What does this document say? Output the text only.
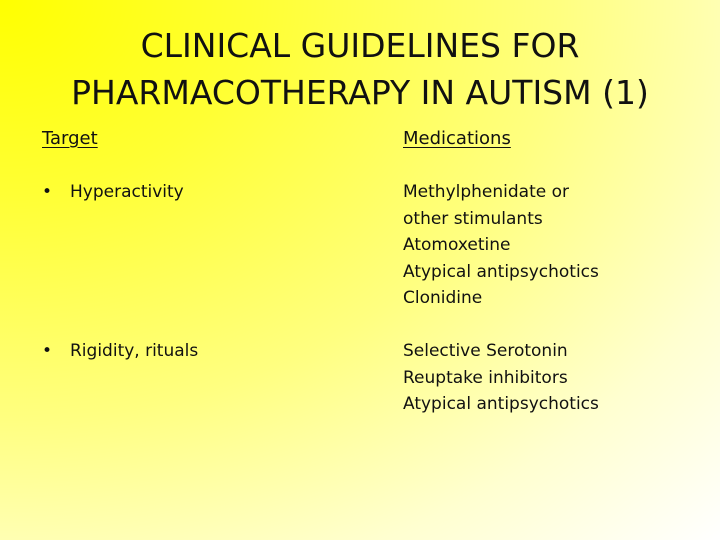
CLINICAL GUIDELINES FOR
PHARMACOTHERAPY IN AUTISM (1)
Target	Medications
• Hyperactivity	Methylphenidate or
other stimulants
Atomoxetine
Atypical antipsychotics
Clonidine
• Rigidity, rituals	Selective Serotonin
Reuptake inhibitors
Atypical antipsychotics
